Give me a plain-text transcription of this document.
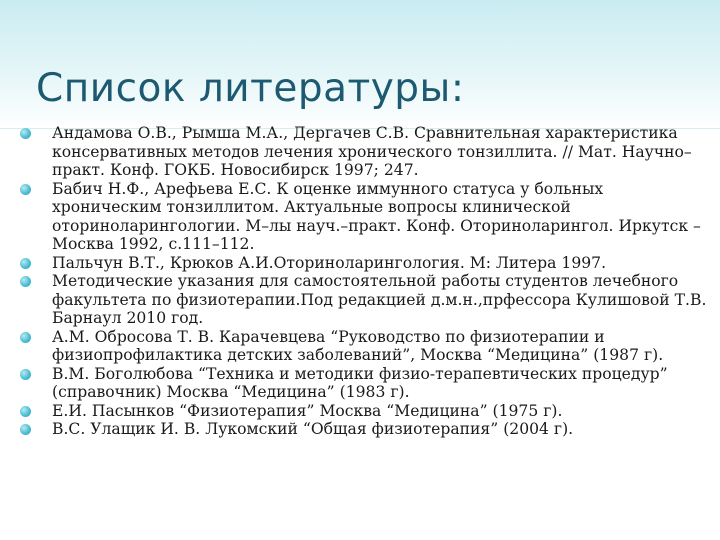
Список литературы:
Андамова О.В., Рымша М.А., Дергачев С.В. Сравнительная характеристика консервативных методов лечения хронического тонзиллита. // Мат. Научно–практ. Конф. ГОКБ. Новосибирск 1997; 247.
Бабич Н.Ф., Арефьева Е.С. К оценке иммунного статуса у больных хроническим тонзиллитом. Актуальные вопросы клинической оториноларингологии. М–лы науч.–практ. Конф. Оториноларингол. Иркутск – Москва 1992, с.111–112.
Пальчун В.Т., Крюков А.И.Оториноларингология. М: Литера 1997.
Методические указания для самостоятельной работы студентов лечебного факультета по физиотерапии.Под редакцией д.м.н.,прфессора Кулишовой Т.В. Барнаул 2010 год.
А.М. Обросова Т. В. Карачевцева “Руководство по физиотерапии и физиопрофилактика детских заболеваний”, Москва “Медицина” (1987 г).
В.М. Боголюбова “Техника и методики физио-терапевтических процедур” (справочник) Москва “Медицина” (1983 г).
Е.И. Пасынков “Физиотерапия” Москва “Медицина” (1975 г).
В.С. Улащик И. В. Лукомский “Общая физиотерапия” (2004 г).
